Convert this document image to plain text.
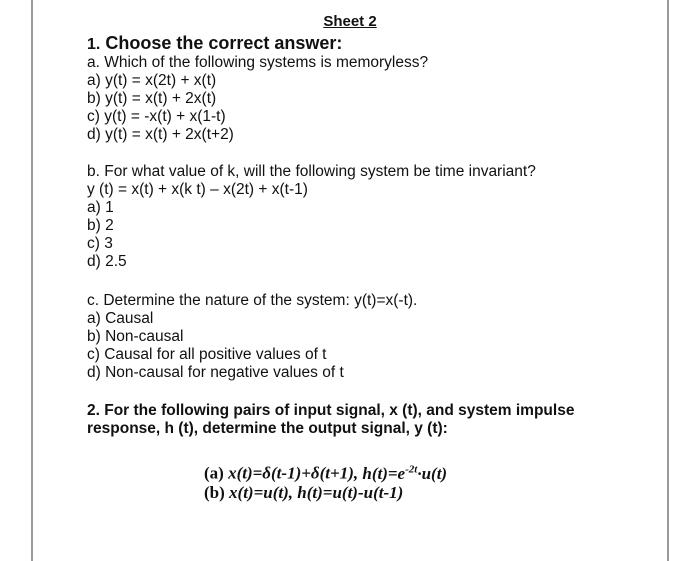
Sheet 2
1. Choose the correct answer:
a. Which of the following systems is memoryless?
a) y(t) = x(2t) + x(t)
b) y(t) = x(t) + 2x(t)
c) y(t) = -x(t) + x(1-t)
d) y(t) = x(t) + 2x(t+2)
b. For what value of k, will the following system be time invariant?
y (t) = x(t) + x(k t) – x(2t) + x(t-1)
a) 1
b) 2
c) 3
d) 2.5
c. Determine the nature of the system: y(t)=x(-t).
a) Causal
b) Non-causal
c) Causal for all positive values of t
d) Non-causal for negative values of t
2. For the following pairs of input signal, x (t), and system impulse
response, h (t), determine the output signal, y (t):
(a) x(t)=δ(t-1)+δ(t+1), $h(t)=e^{-2t}\cdot u(t)$
(b) x(t)=u(t), h(t)=u(t)-u(t-1)
